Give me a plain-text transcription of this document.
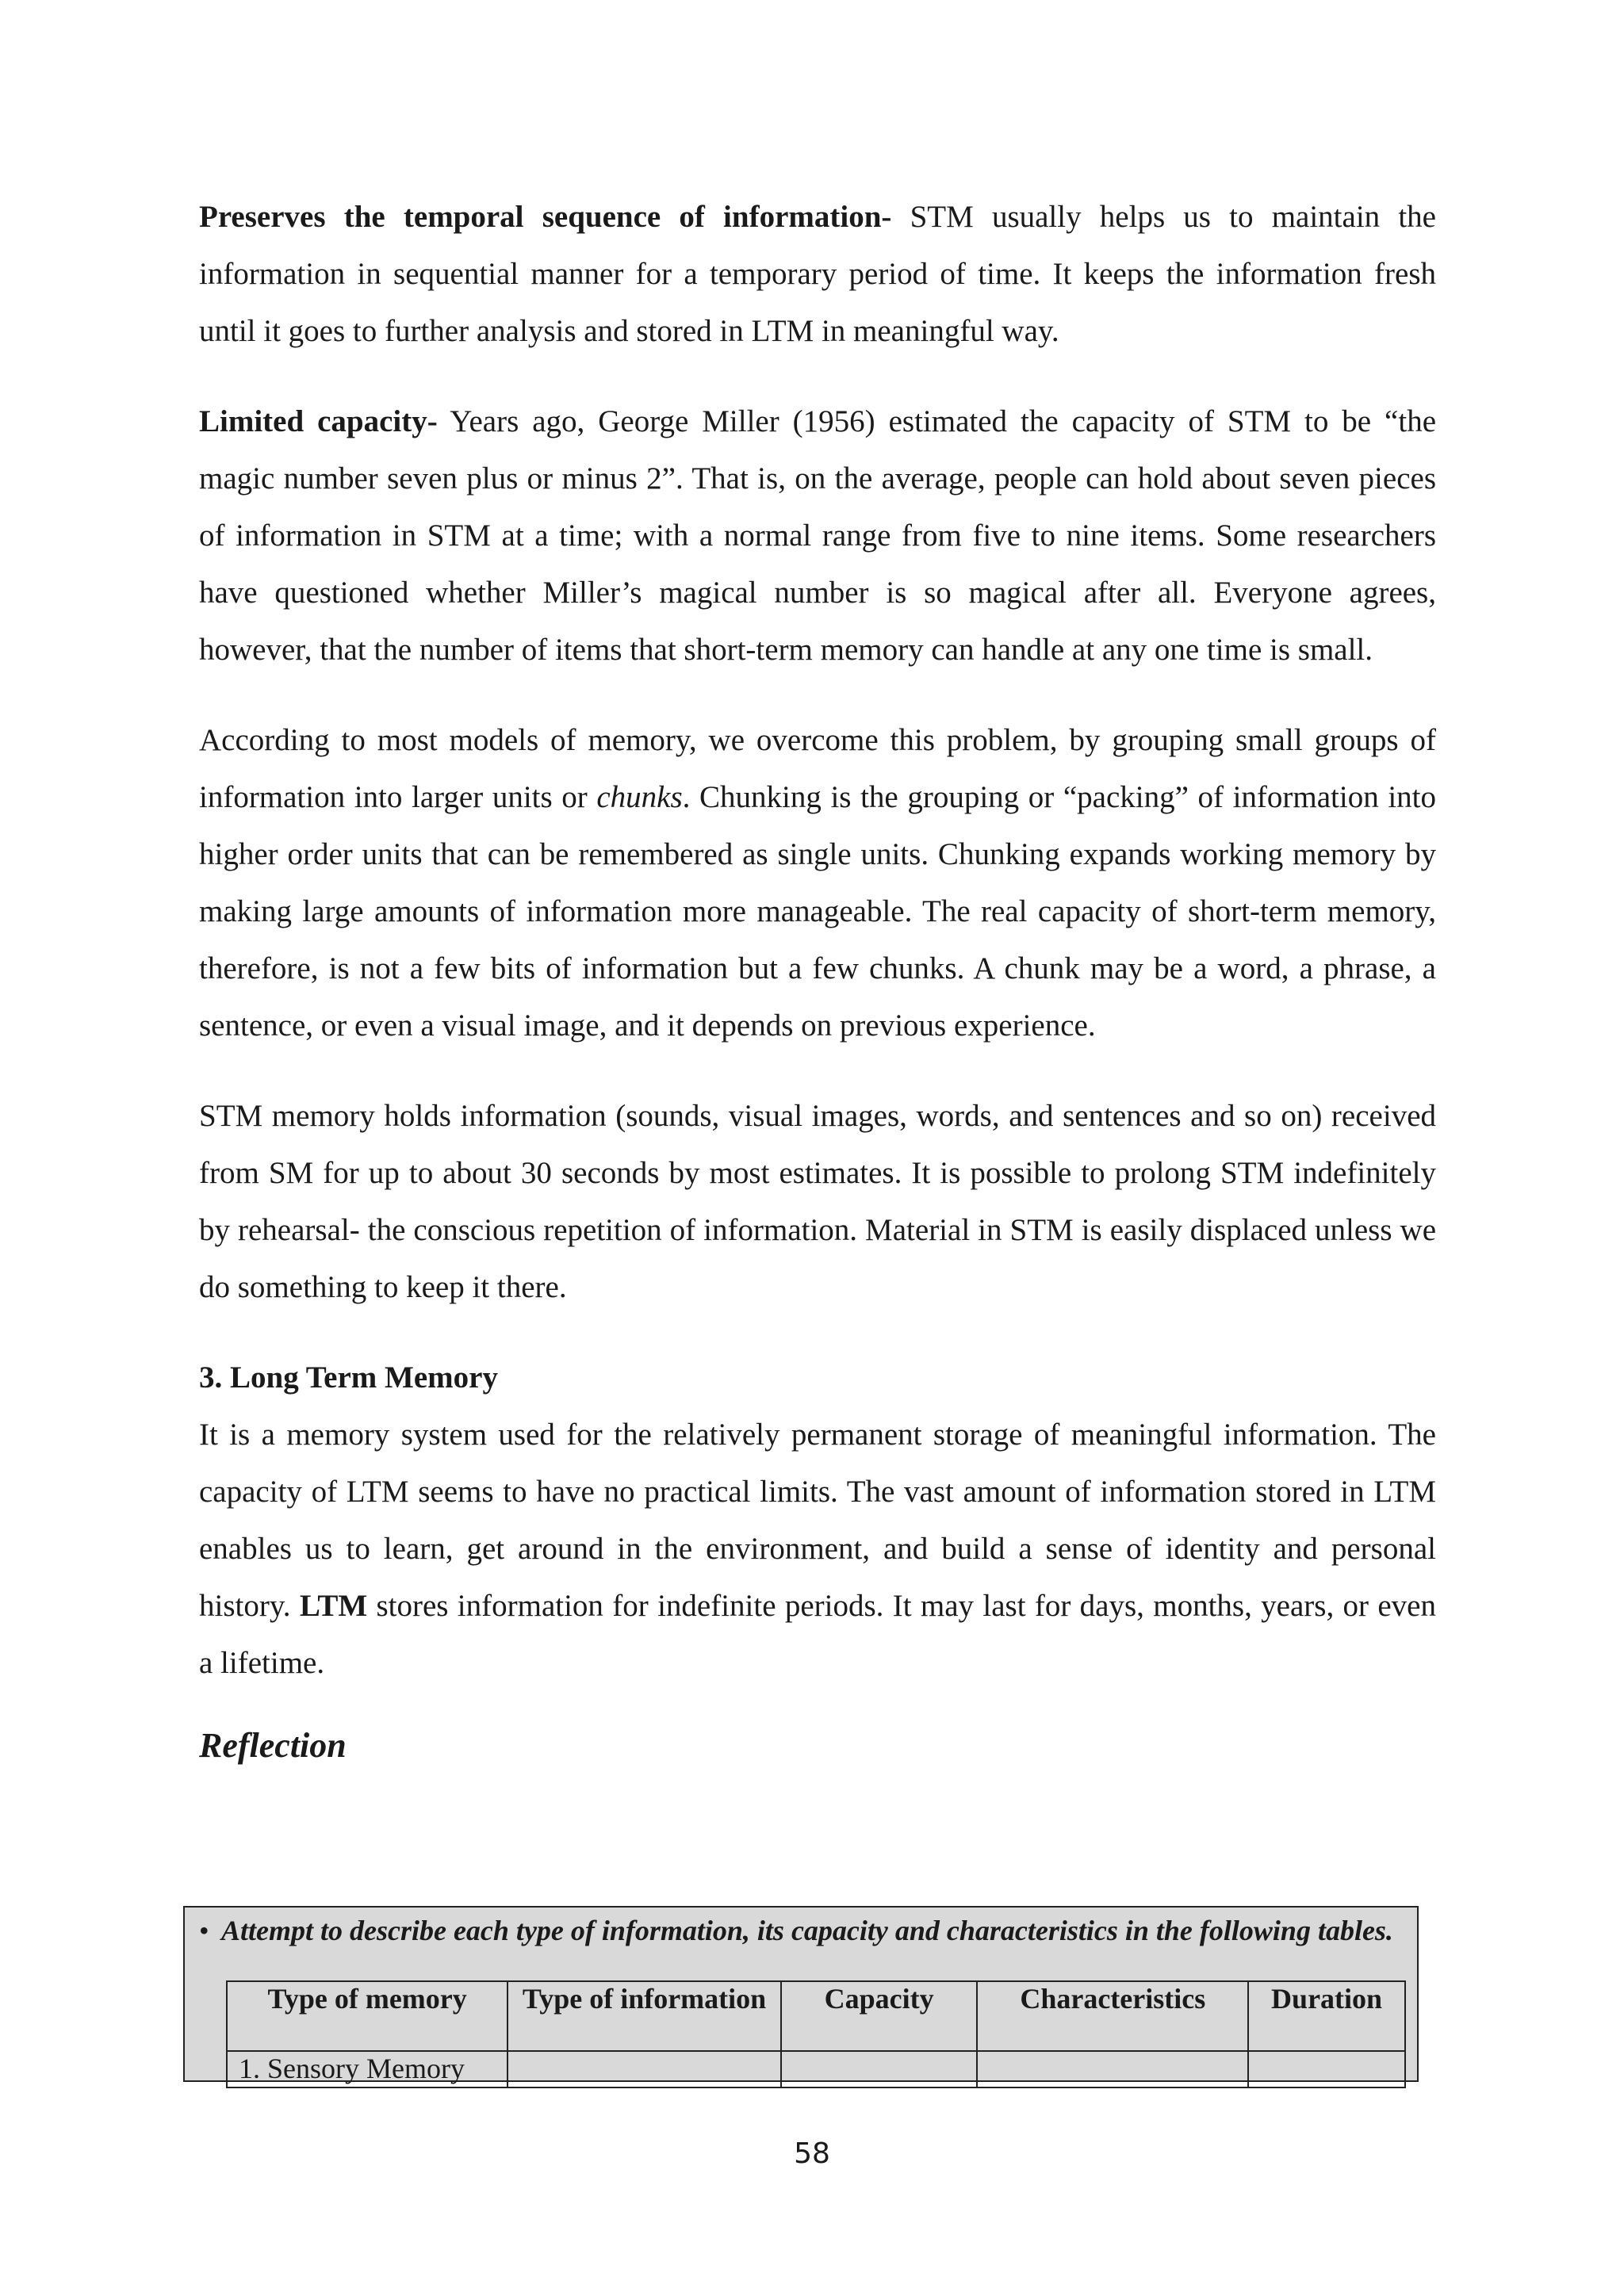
Preserves the temporal sequence of information- STM usually helps us to maintain the information in sequential manner for a temporary period of time. It keeps the information fresh until it goes to further analysis and stored in LTM in meaningful way.

Limited capacity- Years ago, George Miller (1956) estimated the capacity of STM to be “the magic number seven plus or minus 2”. That is, on the average, people can hold about seven pieces of information in STM at a time; with a normal range from five to nine items. Some researchers have questioned whether Miller’s magical number is so magical after all. Everyone agrees, however, that the number of items that short-term memory can handle at any one time is small.

According to most models of memory, we overcome this problem, by grouping small groups of information into larger units or chunks. Chunking is the grouping or “packing” of information into higher order units that can be remembered as single units. Chunking expands working memory by making large amounts of information more manageable. The real capacity of short-term memory, therefore, is not a few bits of information but a few chunks. A chunk may be a word, a phrase, a sentence, or even a visual image, and it depends on previous experience.

STM memory holds information (sounds, visual images, words, and sentences and so on) received from SM for up to about 30 seconds by most estimates. It is possible to prolong STM indefinitely by rehearsal- the conscious repetition of information. Material in STM is easily displaced unless we do something to keep it there.

3. Long Term Memory

It is a memory system used for the relatively permanent storage of meaningful information. The capacity of LTM seems to have no practical limits. The vast amount of information stored in LTM enables us to learn, get around in the environment, and build a sense of identity and personal history. LTM stores information for indefinite periods. It may last for days, months, years, or even a lifetime.

Reflection

• Attempt to describe each type of information, its capacity and characteristics in the following tables.
Type of memory	Type of information	Capacity	Characteristics	Duration
1. Sensory Memory				
58
